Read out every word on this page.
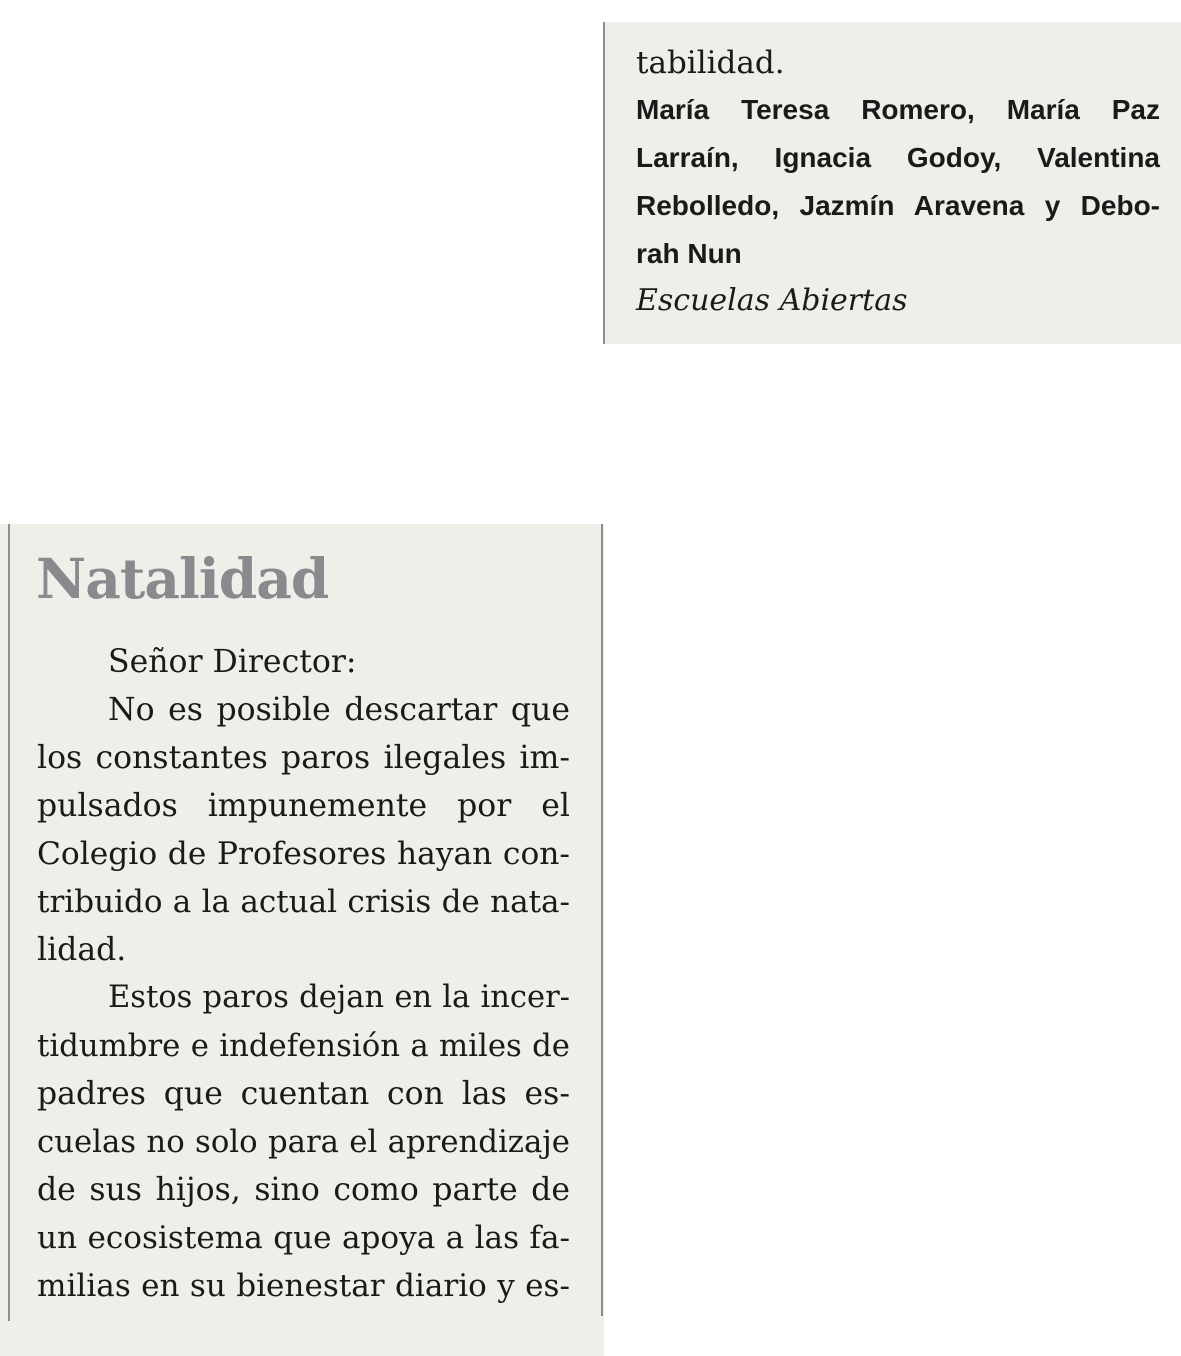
tabilidad.
María Teresa Romero, María Paz
Larraín, Ignacia Godoy, Valentina
Rebolledo, Jazmín Aravena y Debo-
rah Nun
Escuelas Abiertas
Natalidad
Señor Director:
No es posible descartar que
los constantes paros ilegales im-
pulsados impunemente por el
Colegio de Profesores hayan con-
tribuido a la actual crisis de nata-
lidad.
Estos paros dejan en la incer-
tidumbre e indefensión a miles de
padres que cuentan con las es-
cuelas no solo para el aprendizaje
de sus hijos, sino como parte de
un ecosistema que apoya a las fa-
milias en su bienestar diario y es-
